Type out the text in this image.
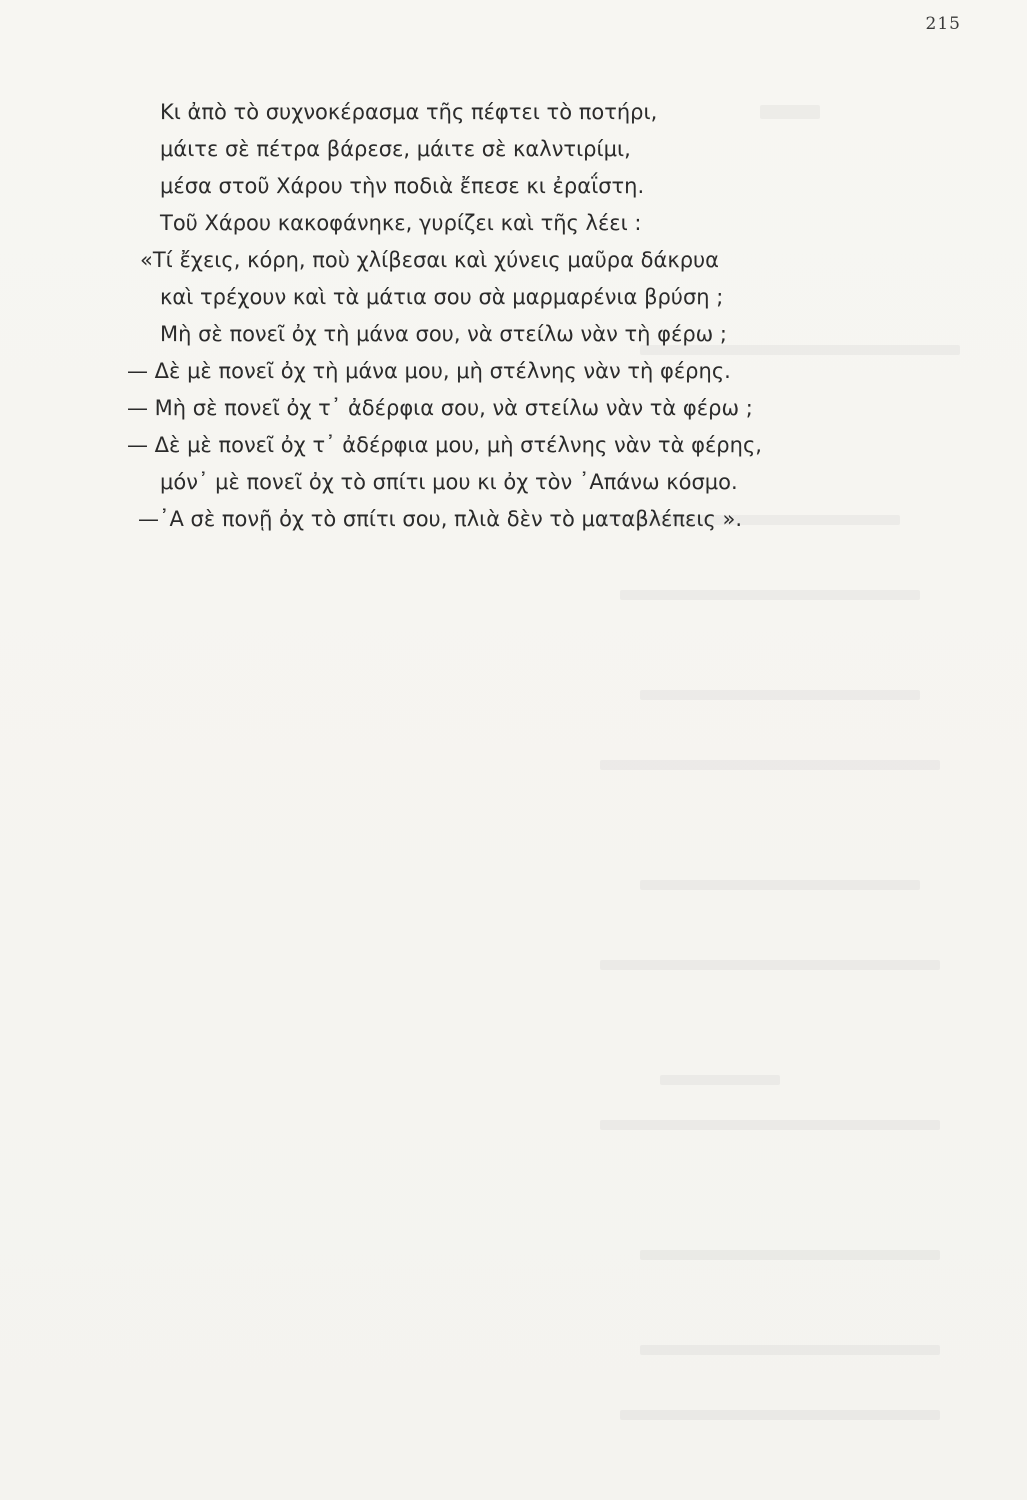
215
Κι ἀπὸ τὸ συχνοκέρασμα τῆς πέφτει τὸ ποτήρι,
μάιτε σὲ πέτρα βάρεσε, μάιτε σὲ καλντιρίμι,
μέσα στοῦ Χάρου τὴν ποδιὰ ἔπεσε κι ἐραΐστη.
Τοῦ Χάρου κακοφάνηκε, γυρίζει καὶ τῆς λέει :
«Τί ἔχεις, κόρη, ποὺ χλίβεσαι καὶ χύνεις μαῦρα δάκρυα
καὶ τρέχουν καὶ τὰ μάτια σου σὰ μαρμαρένια βρύση ;
Μὴ σὲ πονεῖ ὀχ τὴ μάνα σου, νὰ στείλω νὰν τὴ φέρω ;
— Δὲ μὲ πονεῖ ὀχ τὴ μάνα μου, μὴ στέλνης νὰν τὴ φέρης.
— Μὴ σὲ πονεῖ ὀχ τ᾿ ἀδέρφια σου, νὰ στείλω νὰν τὰ φέρω ;
— Δὲ μὲ πονεῖ ὀχ τ᾿ ἀδέρφια μου, μὴ στέλνης νὰν τὰ φέρης,
μόν᾿ μὲ πονεῖ ὀχ τὸ σπίτι μου κι ὀχ τὸν ᾿Απάνω κόσμο.
—᾿Α σὲ πονῇ ὀχ τὸ σπίτι σου, πλιὰ δὲν τὸ ματαβλέπεις ».
